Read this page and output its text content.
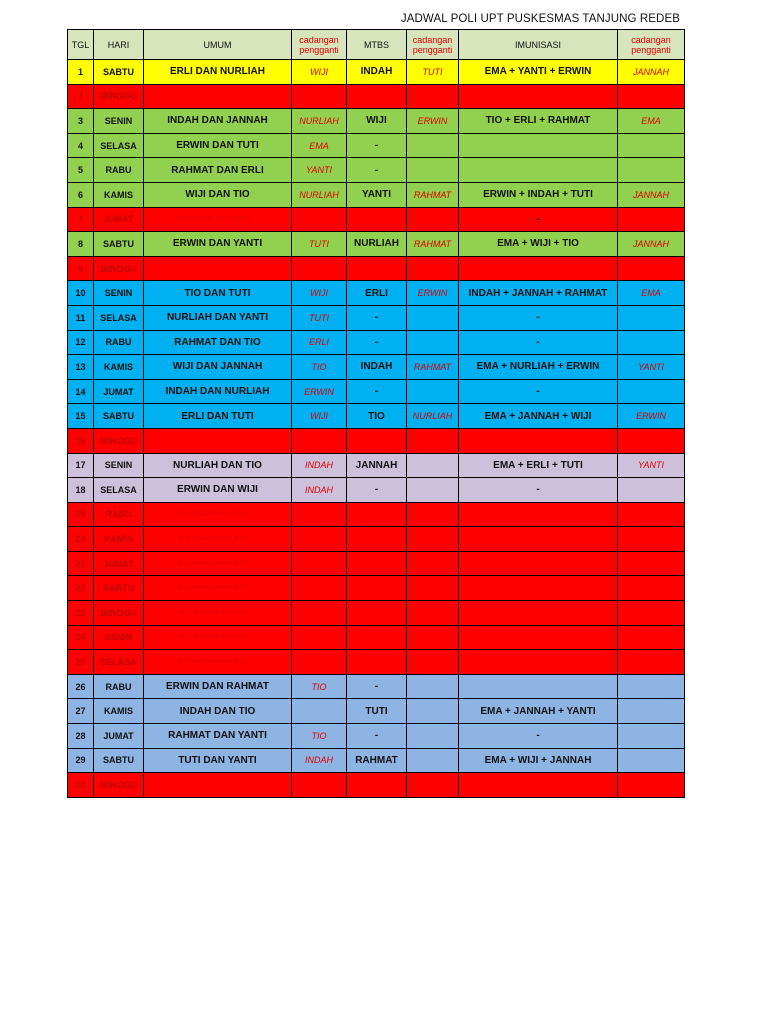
JADWAL POLI UPT PUSKESMAS TANJUNG REDEB
TGL	HARI	UMUM	cadangan pengganti	MTBS	cadangan pengganti	IMUNISASI	cadangan pengganti
1	SABTU	ERLI DAN NURLIAH	WIJI	INDAH	TUTI	EMA + YANTI + ERWIN	JANNAH
2	MINGGU						
3	SENIN	INDAH DAN JANNAH	NURLIAH	WIJI	ERWIN	TIO + ERLI + RAHMAT	EMA
4	SELASA	ERWIN DAN TUTI	EMA	-			
5	RABU	RAHMAT DAN ERLI	YANTI	-			
6	KAMIS	WIJI DAN TIO	NURLIAH	YANTI	RAHMAT	ERWIN + INDAH + TUTI	JANNAH
7	JUMAT	LIBUR WAFAT ISA ALMASIH				-	
8	SABTU	ERWIN DAN YANTI	TUTI	NURLIAH	RAHMAT	EMA + WIJI + TIO	JANNAH
9	MINGGU						
10	SENIN	TIO DAN TUTI	WIJI	ERLI	ERWIN	INDAH + JANNAH + RAHMAT	EMA
11	SELASA	NURLIAH DAN YANTI	TUTI	-		-	
12	RABU	RAHMAT DAN TIO	ERLI	-		-	
13	KAMIS	WIJI DAN JANNAH	TIO	INDAH	RAHMAT	EMA + NURLIAH + ERWIN	YANTI
14	JUMAT	INDAH DAN NURLIAH	ERWIN	-		-	
15	SABTU	ERLI DAN TUTI	WIJI	TIO	NURLIAH	EMA + JANNAH + WIJI	ERWIN
16	MINGGU						
17	SENIN	NURLIAH DAN TIO	INDAH	JANNAH		EMA + ERLI + TUTI	YANTI
18	SELASA	ERWIN DAN WIJI	INDAH	-		-	
19	RABU	CUTI BERSAMA IDUL FITRI					
20	KAMIS	CUTI BERSAMA IDUL FITRI					
21	JUMAT	CUTI BERSAMA IDUL FITRI					
22	SABTU	CUTI BERSAMA IDUL FITRI					
23	MINGGU	CUTI BERSAMA IDUL FITRI					
24	SENIN	CUTI BERSAMA IDUL FITRI					
25	SELASA	CUTI BERSAMA IDUL FITRI					
26	RABU	ERWIN DAN RAHMAT	TIO	-			
27	KAMIS	INDAH DAN TIO		TUTI		EMA + JANNAH + YANTI	
28	JUMAT	RAHMAT DAN YANTI	TIO	-		-	
29	SABTU	TUTI DAN YANTI	INDAH	RAHMAT		EMA + WIJI + JANNAH	
30	MINGGU						
